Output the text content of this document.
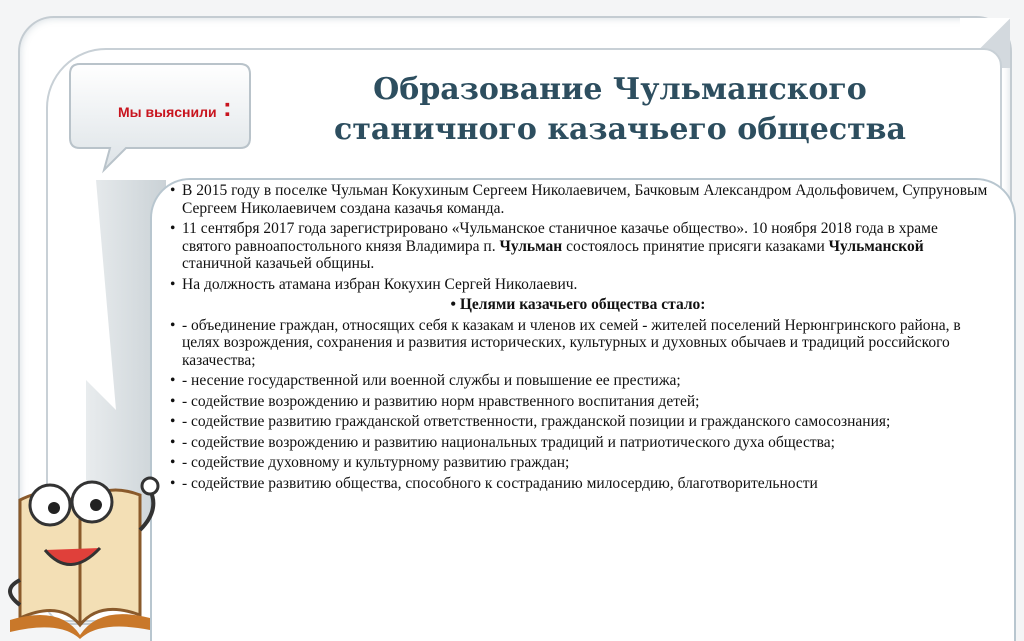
Мы выяснили :	Образование Чульманского
станичного казачьего общества
• В 2015 году в поселке Чульман Кокухиным Сергеем Николаевичем, Бачковым Александром Адольфовичем, Супруновым Сергеем Николаевичем создана казачья команда.
• 11 сентября 2017 года зарегистрировано «Чульманское станичное казачье общество». 10 ноября 2018 года в храме святого равноапостольного князя Владимира п. Чульман состоялось принятие присяги казаками Чульманской станичной казачьей общины.
• На должность атамана избран Кокухин Сергей Николаевич.
• Целями казачьего общества стало:
• - объединение граждан, относящих себя к казакам и членов их семей - жителей поселений Нерюнгринского района, в целях возрождения, сохранения и развития исторических, культурных и духовных обычаев и традиций российского казачества;
• - несение государственной или военной службы и повышение ее престижа;
• - содействие возрождению и развитию норм нравственного воспитания детей;
• - содействие развитию гражданской ответственности, гражданской позиции и гражданского самосознания;
• - содействие возрождению и развитию национальных традиций и патриотического духа общества;
• - содействие духовному и культурному развитию граждан;
• - содействие развитию общества, способного к состраданию милосердию, благотворительности
